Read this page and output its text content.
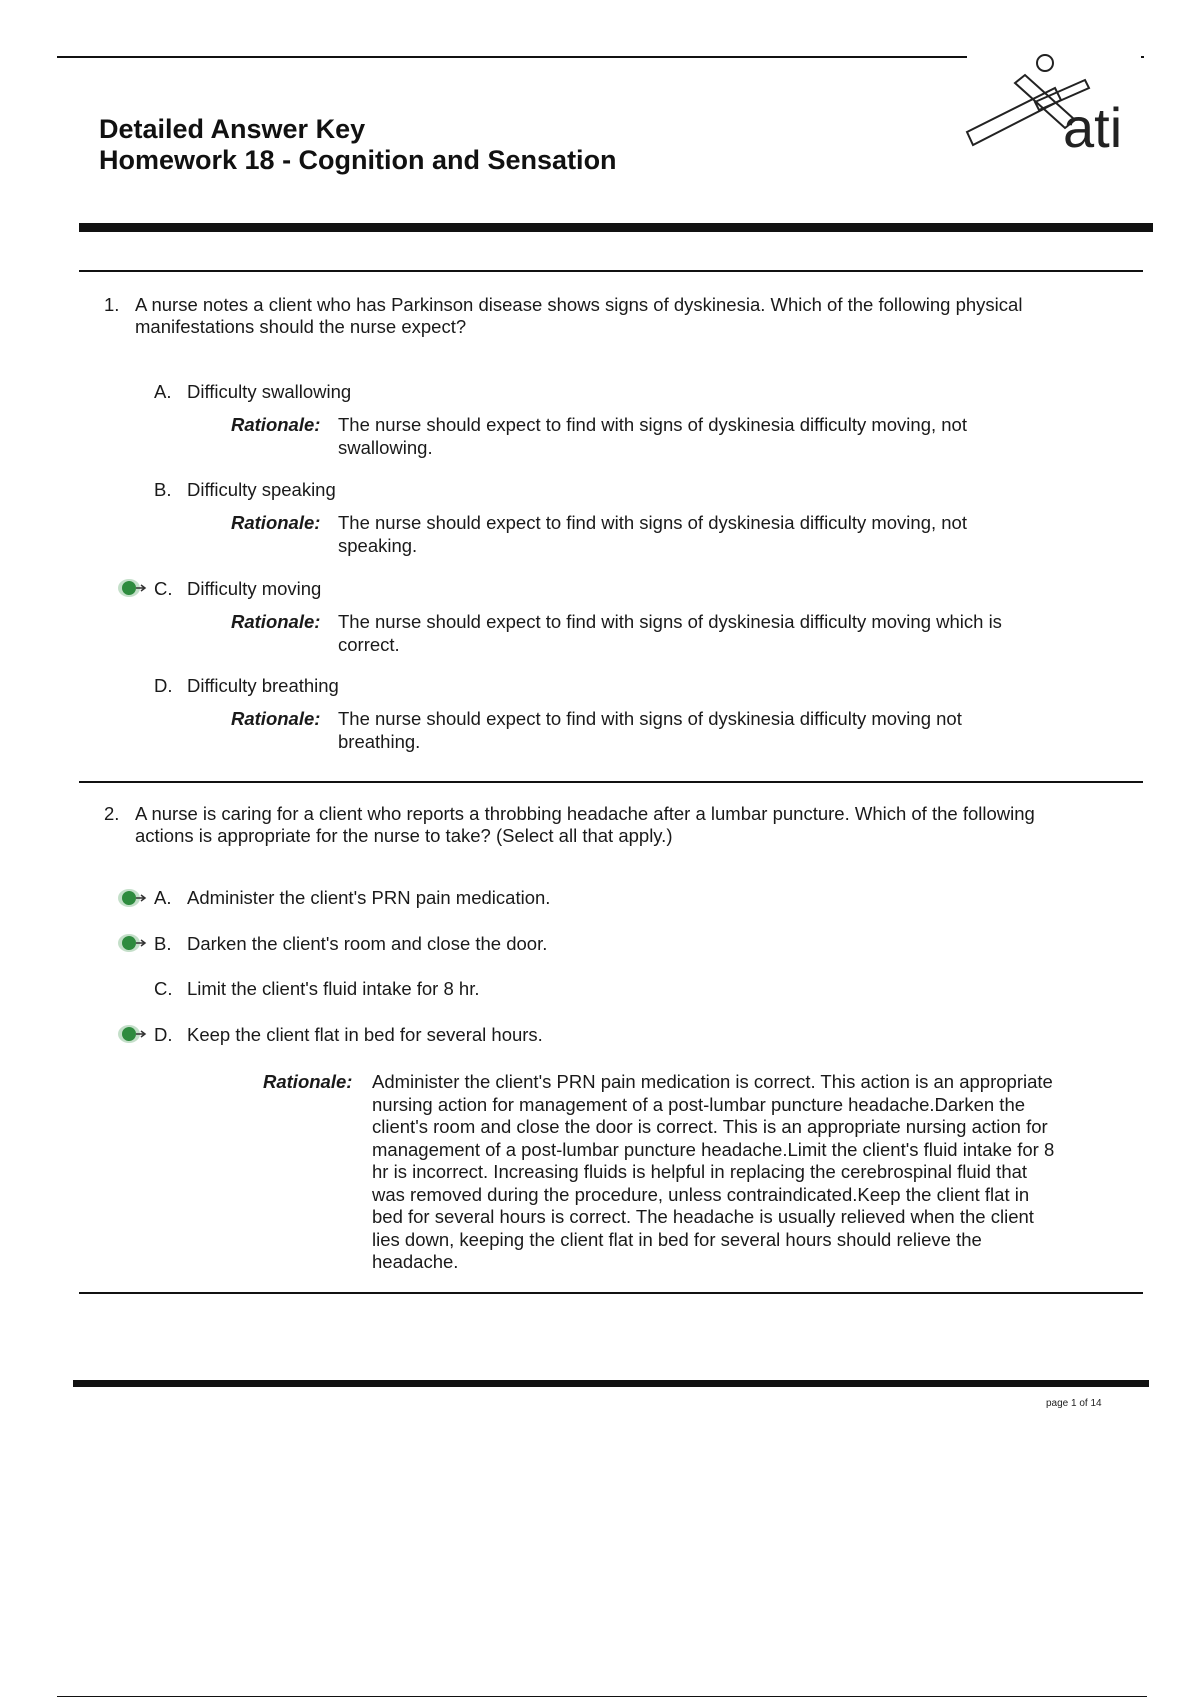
Detailed Answer Key
Homework 18 - Cognition and Sensation
ati
1. A nurse notes a client who has Parkinson disease shows signs of dyskinesia. Which of the following physical
manifestations should the nurse expect?
A. Difficulty swallowing
Rationale: The nurse should expect to find with signs of dyskinesia difficulty moving, not
swallowing.
B. Difficulty speaking
Rationale: The nurse should expect to find with signs of dyskinesia difficulty moving, not
speaking.
C. Difficulty moving
Rationale: The nurse should expect to find with signs of dyskinesia difficulty moving which is
correct.
D. Difficulty breathing
Rationale: The nurse should expect to find with signs of dyskinesia difficulty moving not
breathing.
2. A nurse is caring for a client who reports a throbbing headache after a lumbar puncture. Which of the following
actions is appropriate for the nurse to take? (Select all that apply.)
A. Administer the client's PRN pain medication.
B. Darken the client's room and close the door.
C. Limit the client's fluid intake for 8 hr.
D. Keep the client flat in bed for several hours.
Rationale:	Administer the client's PRN pain medication is correct. This action is an appropriate
nursing action for management of a post-lumbar puncture headache.Darken the
client's room and close the door is correct. This is an appropriate nursing action for
management of a post-lumbar puncture headache.Limit the client's fluid intake for 8
hr is incorrect. Increasing fluids is helpful in replacing the cerebrospinal fluid that
was removed during the procedure, unless contraindicated.Keep the client flat in
bed for several hours is correct. The headache is usually relieved when the client
lies down, keeping the client flat in bed for several hours should relieve the
headache.
page 1 of 14
